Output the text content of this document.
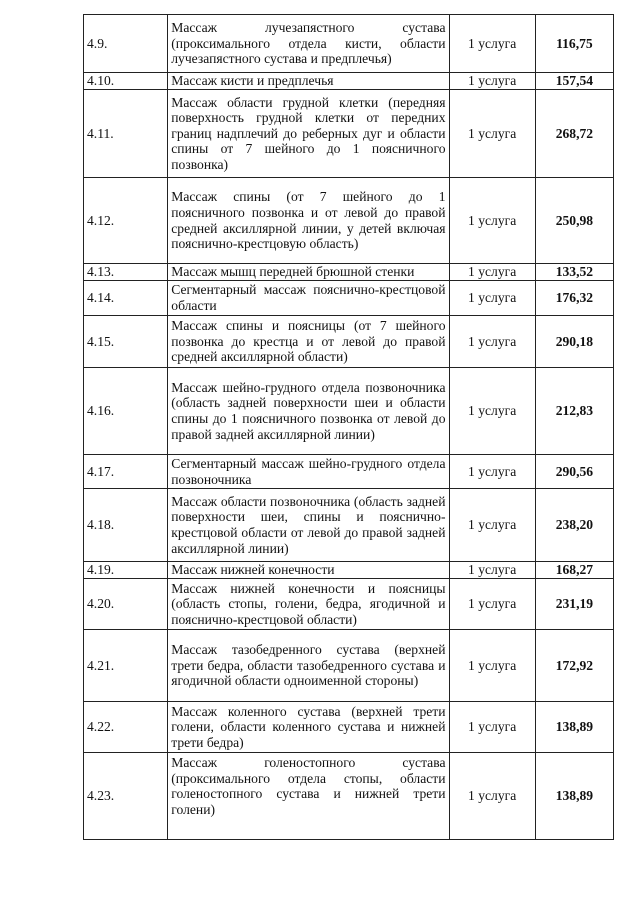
4.9.	Массаж лучезапястного сустава (проксимального отдела кисти, области лучезапястного сустава и предплечья)	1 услуга	116,75
4.10.	Массаж кисти и предплечья	1 услуга	157,54
4.11.	Массаж области грудной клетки (передняя поверхность грудной клетки от передних границ надплечий до реберных дуг и области спины от 7 шейного до 1 поясничного позвонка)	1 услуга	268,72
4.12.	Массаж спины (от 7 шейного до 1 поясничного позвонка и от левой до правой средней аксиллярной линии, у детей включая пояснично-крестцовую область)	1 услуга	250,98
4.13.	Массаж мышц передней брюшной стенки	1 услуга	133,52
4.14.	Сегментарный массаж пояснично-крестцовой области	1 услуга	176,32
4.15.	Массаж спины и поясницы (от 7 шейного позвонка до крестца и от левой до правой средней аксиллярной области)	1 услуга	290,18
4.16.	Массаж шейно-грудного отдела позвоночника (область задней поверхности шеи и области спины до 1 поясничного позвонка от левой до правой задней аксиллярной линии)	1 услуга	212,83
4.17.	Сегментарный массаж шейно-грудного отдела позвоночника	1 услуга	290,56
4.18.	Массаж области позвоночника (область задней поверхности шеи, спины и пояснично-крестцовой области от левой до правой задней аксиллярной линии)	1 услуга	238,20
4.19.	Массаж нижней конечности	1 услуга	168,27
4.20.	Массаж нижней конечности и поясницы (область стопы, голени, бедра, ягодичной и пояснично-крестцовой области)	1 услуга	231,19
4.21.	Массаж тазобедренного сустава (верхней трети бедра, области тазобедренного сустава и ягодичной области одноименной стороны)	1 услуга	172,92
4.22.	Массаж коленного сустава (верхней трети голени, области коленного сустава и нижней трети бедра)	1 услуга	138,89
4.23.	Массаж голеностопного сустава (проксимального отдела стопы, области голеностопного сустава и нижней трети голени)	1 услуга	138,89
